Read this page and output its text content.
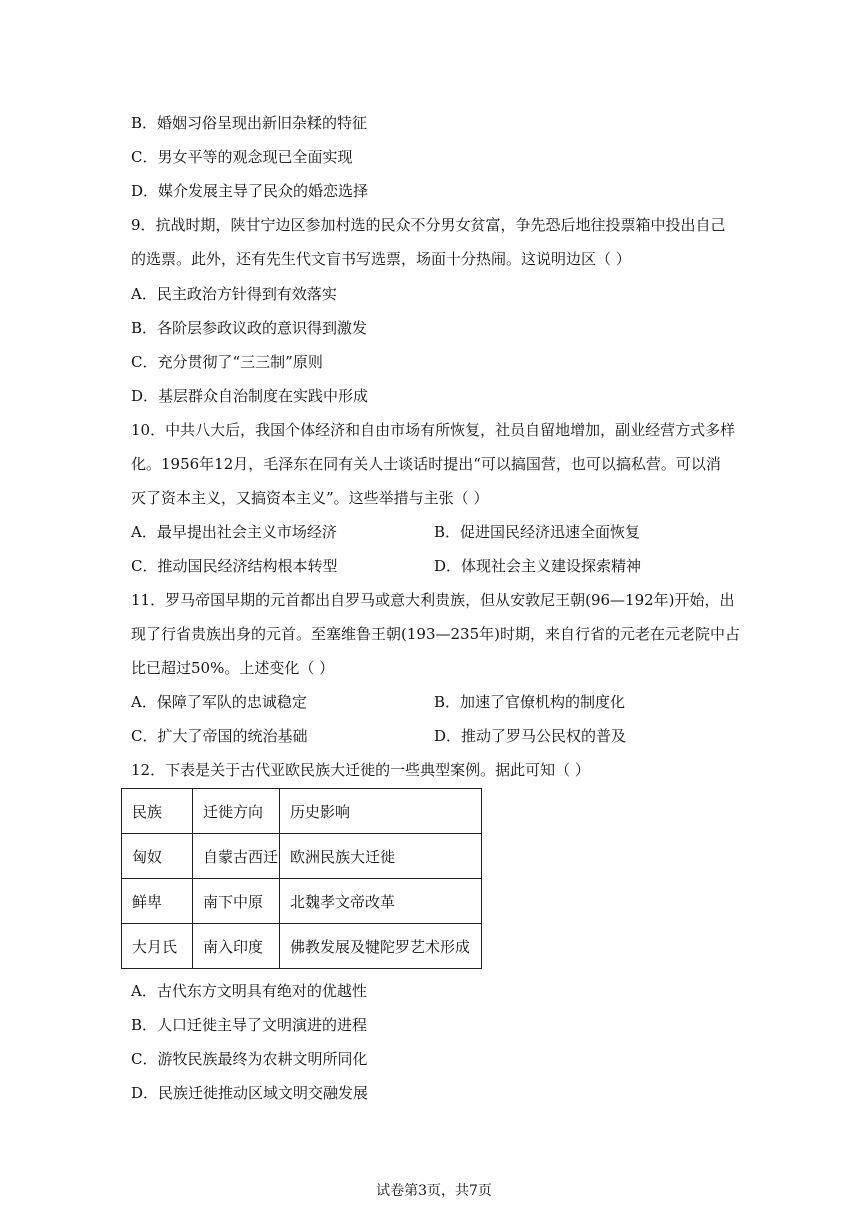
B．婚姻习俗呈现出新旧杂糅的特征
C．男女平等的观念现已全面实现
D．媒介发展主导了民众的婚恋选择
9．抗战时期，陕甘宁边区参加村选的民众不分男女贫富，争先恐后地往投票箱中投出自己
的选票。此外，还有先生代文盲书写选票，场面十分热闹。这说明边区（ ）
A．民主政治方针得到有效落实
B．各阶层参政议政的意识得到激发
C．充分贯彻了“三三制”原则
D．基层群众自治制度在实践中形成
10．中共八大后，我国个体经济和自由市场有所恢复，社员自留地增加，副业经营方式多样
化。1956年12月，毛泽东在同有关人士谈话时提出“可以搞国营，也可以搞私营。可以消
灭了资本主义，又搞资本主义”。这些举措与主张（ ）
A．最早提出社会主义市场经济	B．促进国民经济迅速全面恢复
C．推动国民经济结构根本转型	D．体现社会主义建设探索精神
11．罗马帝国早期的元首都出自罗马或意大利贵族，但从安敦尼王朝(96—192年)开始，出
现了行省贵族出身的元首。至塞维鲁王朝(193—235年)时期，来自行省的元老在元老院中占
比已超过50%。上述变化（ ）
A．保障了军队的忠诚稳定	B．加速了官僚机构的制度化
C．扩大了帝国的统治基础	D．推动了罗马公民权的普及
12．下表是关于古代亚欧民族大迁徙的一些典型案例。据此可知（ ）
民族	迁徙方向	历史影响
匈奴	自蒙古西迁	欧洲民族大迁徙
鲜卑	南下中原	北魏孝文帝改革
大月氏	南入印度	佛教发展及犍陀罗艺术形成
A．古代东方文明具有绝对的优越性
B．人口迁徙主导了文明演进的进程
C．游牧民族最终为农耕文明所同化
D．民族迁徙推动区域文明交融发展
试卷第3页，共7页
